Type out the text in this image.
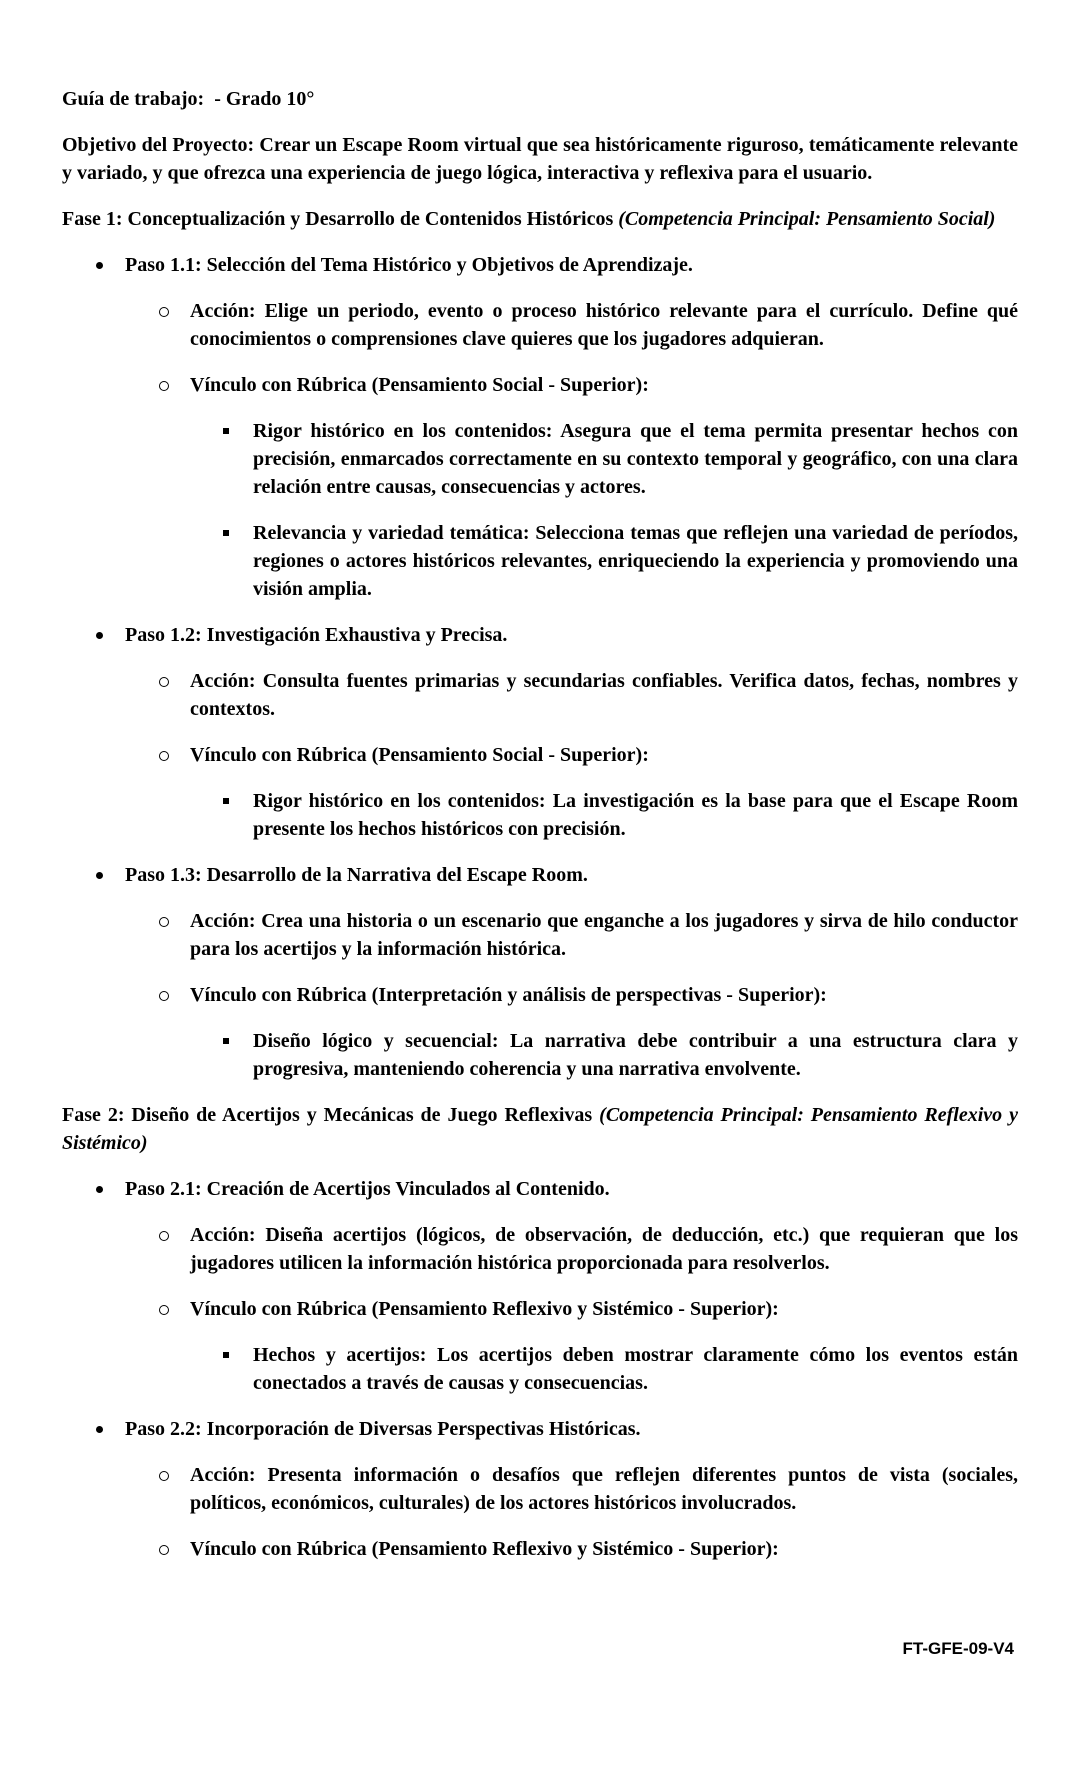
Guía de trabajo:  - Grado 10°

Objetivo del Proyecto: Crear un Escape Room virtual que sea históricamente riguroso, temáticamente relevante y variado, y que ofrezca una experiencia de juego lógica, interactiva y reflexiva para el usuario.

Fase 1: Conceptualización y Desarrollo de Contenidos Históricos (Competencia Principal: Pensamiento Social)

Paso 1.1: Selección del Tema Histórico y Objetivos de Aprendizaje.
Acción: Elige un periodo, evento o proceso histórico relevante para el currículo. Define qué conocimientos o comprensiones clave quieres que los jugadores adquieran.
Vínculo con Rúbrica (Pensamiento Social - Superior):
Rigor histórico en los contenidos: Asegura que el tema permita presentar hechos con precisión, enmarcados correctamente en su contexto temporal y geográfico, con una clara relación entre causas, consecuencias y actores.
Relevancia y variedad temática: Selecciona temas que reflejen una variedad de períodos, regiones o actores históricos relevantes, enriqueciendo la experiencia y promoviendo una visión amplia.
Paso 1.2: Investigación Exhaustiva y Precisa.
Acción: Consulta fuentes primarias y secundarias confiables. Verifica datos, fechas, nombres y contextos.
Vínculo con Rúbrica (Pensamiento Social - Superior):
Rigor histórico en los contenidos: La investigación es la base para que el Escape Room presente los hechos históricos con precisión.
Paso 1.3: Desarrollo de la Narrativa del Escape Room.
Acción: Crea una historia o un escenario que enganche a los jugadores y sirva de hilo conductor para los acertijos y la información histórica.
Vínculo con Rúbrica (Interpretación y análisis de perspectivas - Superior):
Diseño lógico y secuencial: La narrativa debe contribuir a una estructura clara y progresiva, manteniendo coherencia y una narrativa envolvente.

Fase 2: Diseño de Acertijos y Mecánicas de Juego Reflexivas (Competencia Principal: Pensamiento Reflexivo y Sistémico)

Paso 2.1: Creación de Acertijos Vinculados al Contenido.
Acción: Diseña acertijos (lógicos, de observación, de deducción, etc.) que requieran que los jugadores utilicen la información histórica proporcionada para resolverlos.
Vínculo con Rúbrica (Pensamiento Reflexivo y Sistémico - Superior):
Hechos y acertijos: Los acertijos deben mostrar claramente cómo los eventos están conectados a través de causas y consecuencias.
Paso 2.2: Incorporación de Diversas Perspectivas Históricas.
Acción: Presenta información o desafíos que reflejen diferentes puntos de vista (sociales, políticos, económicos, culturales) de los actores históricos involucrados.
Vínculo con Rúbrica (Pensamiento Reflexivo y Sistémico - Superior):
FT-GFE-09-V4
